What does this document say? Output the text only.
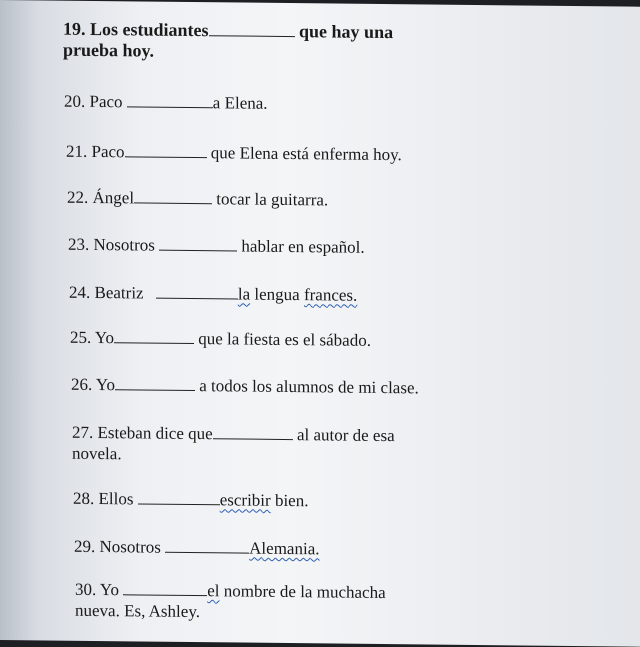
19. Los estudiantes	que hay una
prueba hoy.
20. Paco	a Elena.
21. Paco	que Elena está enferma hoy.
22. Ángel	tocar la guitarra.
23. Nosotros	hablar en español.
24. Beatriz	la lengua frances.
25. Yo	que la fiesta es el sábado.
26. Yo	a todos los alumnos de mi clase.
27. Esteban dice que	al autor de esa
novela.
28. Ellos	escribir bien.
29. Nosotros	Alemania.
30. Yo	el nombre de la muchacha
nueva. Es, Ashley.
